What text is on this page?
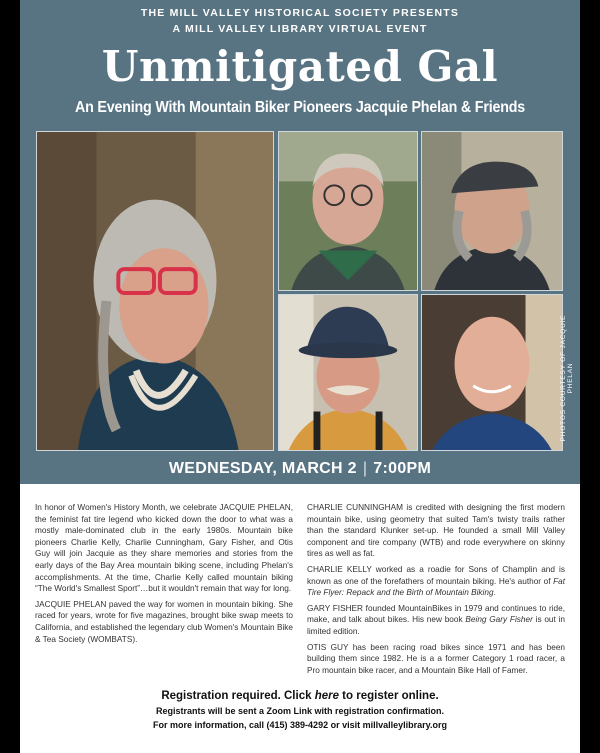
THE MILL VALLEY HISTORICAL SOCIETY PRESENTS
A MILL VALLEY LIBRARY VIRTUAL EVENT
Unmitigated Gal
An Evening With Mountain Biker Pioneers Jacquie Phelan & Friends
PHOTOS COURTESY OF JACQUIE PHELAN
WEDNESDAY, MARCH 2 | 7:00PM

In honor of Women's History Month, we celebrate JACQUIE PHELAN, the feminist fat tire legend who kicked down the door to what was a mostly male-dominated club in the early 1980s. Mountain bike pioneers Charlie Kelly, Charlie Cunningham, Gary Fisher, and Otis Guy will join Jacquie as they share memories and stories from the early days of the Bay Area mountain biking scene, including Phelan's accomplishments. At the time, Charlie Kelly called mountain biking “The World's Smallest Sport”…but it wouldn't remain that way for long.

JACQUIE PHELAN paved the way for women in mountain biking. She raced for years, wrote for five magazines, brought bike swap meets to California, and established the legendary club Women's Mountain Bike & Tea Society (WOMBATS).

CHARLIE CUNNINGHAM is credited with designing the first modern mountain bike, using geometry that suited Tam's twisty trails rather than the standard Klunker set-up. He founded a small Mill Valley component and tire company (WTB) and rode everywhere on skinny tires as well as fat.

CHARLIE KELLY worked as a roadie for Sons of Champlin and is known as one of the forefathers of mountain biking. He's author of Fat Tire Flyer: Repack and the Birth of Mountain Biking.

GARY FISHER founded MountainBikes in 1979 and continues to ride, make, and talk about bikes. His new book Being Gary Fisher is out in limited edition.

OTIS GUY has been racing road bikes since 1971 and has been building them since 1982. He is a a former Category 1 road racer, a Pro mountain bike racer, and a Mountain Bike Hall of Famer.

Registration required. Click here to register online.
Registrants will be sent a Zoom Link with registration confirmation.
For more information, call (415) 389-4292 or visit millvalleylibrary.org
